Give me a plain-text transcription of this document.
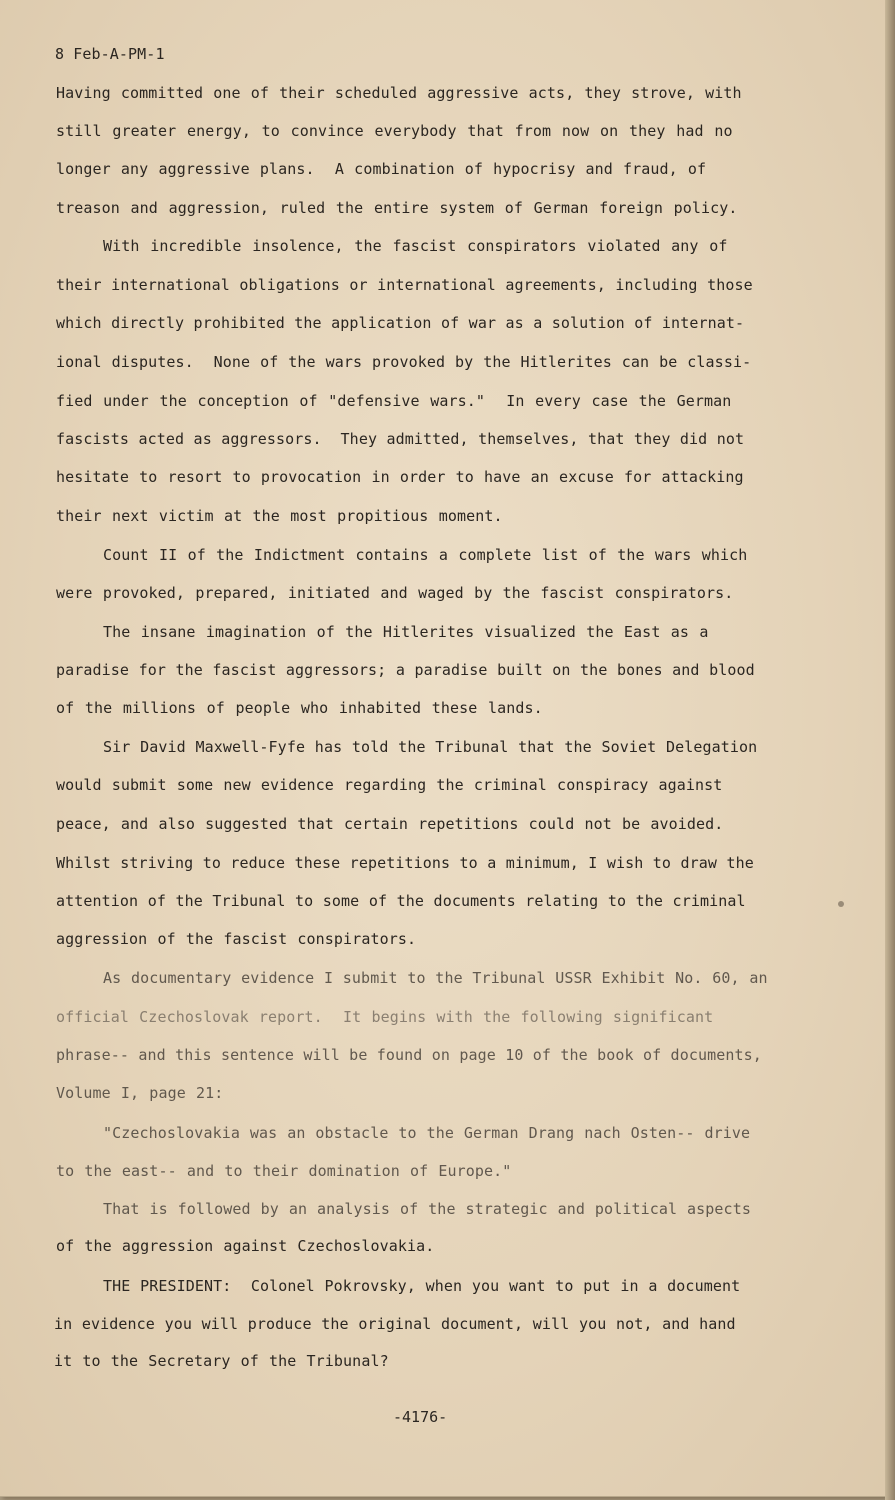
8 Feb-A-PM-1
Having committed one of their scheduled aggressive acts, they strove, with
still greater energy, to convince everybody that from now on they had no
longer any aggressive plans.  A combination of hypocrisy and fraud, of
treason and aggression, ruled the entire system of German foreign policy.
With incredible insolence, the fascist conspirators violated any of
their international obligations or international agreements, including those
which directly prohibited the application of war as a solution of internat-
ional disputes.  None of the wars provoked by the Hitlerites can be classi-
fied under the conception of "defensive wars."  In every case the German
fascists acted as aggressors.  They admitted, themselves, that they did not
hesitate to resort to provocation in order to have an excuse for attacking
their next victim at the most propitious moment.
Count II of the Indictment contains a complete list of the wars which
were provoked, prepared, initiated and waged by the fascist conspirators.
The insane imagination of the Hitlerites visualized the East as a
paradise for the fascist aggressors; a paradise built on the bones and blood
of the millions of people who inhabited these lands.
Sir David Maxwell-Fyfe has told the Tribunal that the Soviet Delegation
would submit some new evidence regarding the criminal conspiracy against
peace, and also suggested that certain repetitions could not be avoided.
Whilst striving to reduce these repetitions to a minimum, I wish to draw the
attention of the Tribunal to some of the documents relating to the criminal
aggression of the fascist conspirators.
As documentary evidence I submit to the Tribunal USSR Exhibit No. 60, an
official Czechoslovak report.  It begins with the following significant
phrase-- and this sentence will be found on page 10 of the book of documents,
Volume I, page 21:
"Czechoslovakia was an obstacle to the German Drang nach Osten-- drive
to the east-- and to their domination of Europe."
That is followed by an analysis of the strategic and political aspects
of the aggression against Czechoslovakia.
THE PRESIDENT:  Colonel Pokrovsky, when you want to put in a document
in evidence you will produce the original document, will you not, and hand
it to the Secretary of the Tribunal?
-4176-
